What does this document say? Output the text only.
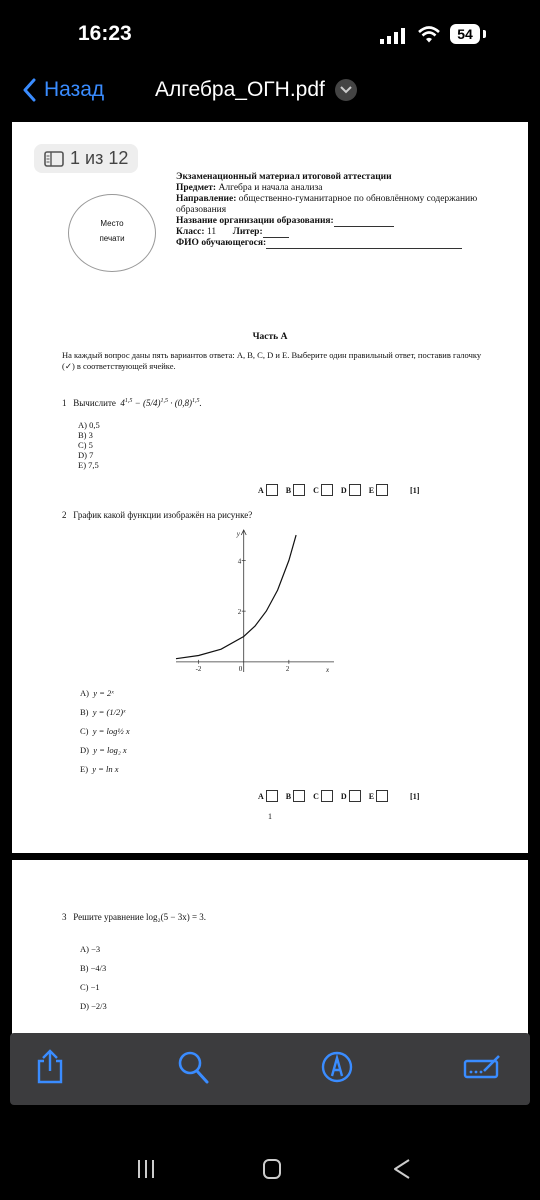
16:23	54
Назад Алгебра_ОГН.pdf
1 из 12
Место
печати
Экзаменационный материал итоговой аттестации
Предмет: Алгебра и начала анализа
Направление: общественно-гуманитарное по обновлённому содержанию образования
Название организации образования:
Класс: 11 Литер:
ФИО обучающегося:
Часть А
На каждый вопрос даны пять вариантов ответа: A, B, C, D и E. Выберите один правильный ответ, поставив галочку (✓) в соответствующей ячейке.
1 Вычислите  $4^{1,5} - (5/4)^{1,5} \cdot (0,8)^{1,5}$.
A) 0,5
B) 3
C) 5
D) 7
E) 7,5
A	B	C	D	E	[1]
2 График какой функции изображён на рисунке?
-2	0	2
2
4
x
y
A) y = 2ˣ
B) y = (1/2)ˣ
C) y = log½ x
D) y = log₂ x
E) y = ln x
A	B	C	D	E	[1]
1
3 Решите уравнение log₂(5 − 3x) = 3.
A) −3
B) −4/3
C) −1
D) −2/3
